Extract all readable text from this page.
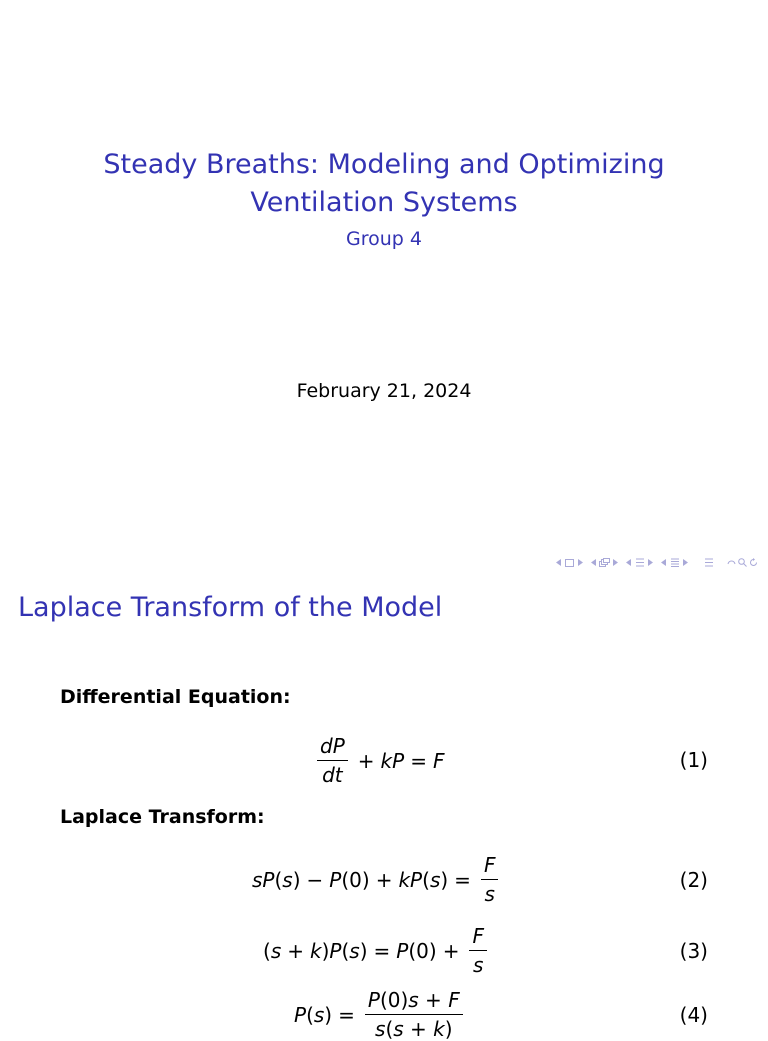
Steady Breaths: Modeling and Optimizing
Ventilation Systems
Group 4
February 21, 2024
Laplace Transform of the Model
Differential Equation:
$\frac{dP}{dt}$ + kP = F	(1)
Laplace Transform:
sP ( s ) − P (0) + kP ( s ) = $\frac{F}{s}$	(2)
( s + k ) P ( s ) = P $(0) + \frac{F}{s}$	(3)
P ( s ) = $\frac{P(0)s + F}{s(s + k)}$	(4)
